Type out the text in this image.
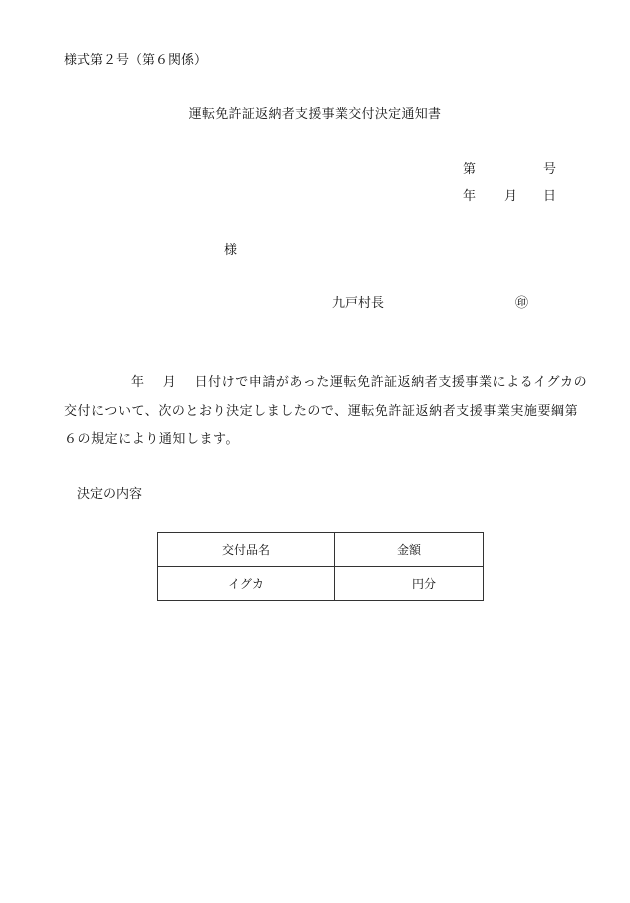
様式第２号（第６関係）
運転免許証返納者支援事業交付決定通知書
第	号
年 月 日
様
九戸村長	㊞
年　 月　 日付けで申請があった運転免許証返納者支援事業によるイグカの
交付について、次のとおり決定しましたので、運転免許証返納者支援事業実施要綱第
６の規定により通知します。
決定の内容
交付品名	金額
イグカ	円分
